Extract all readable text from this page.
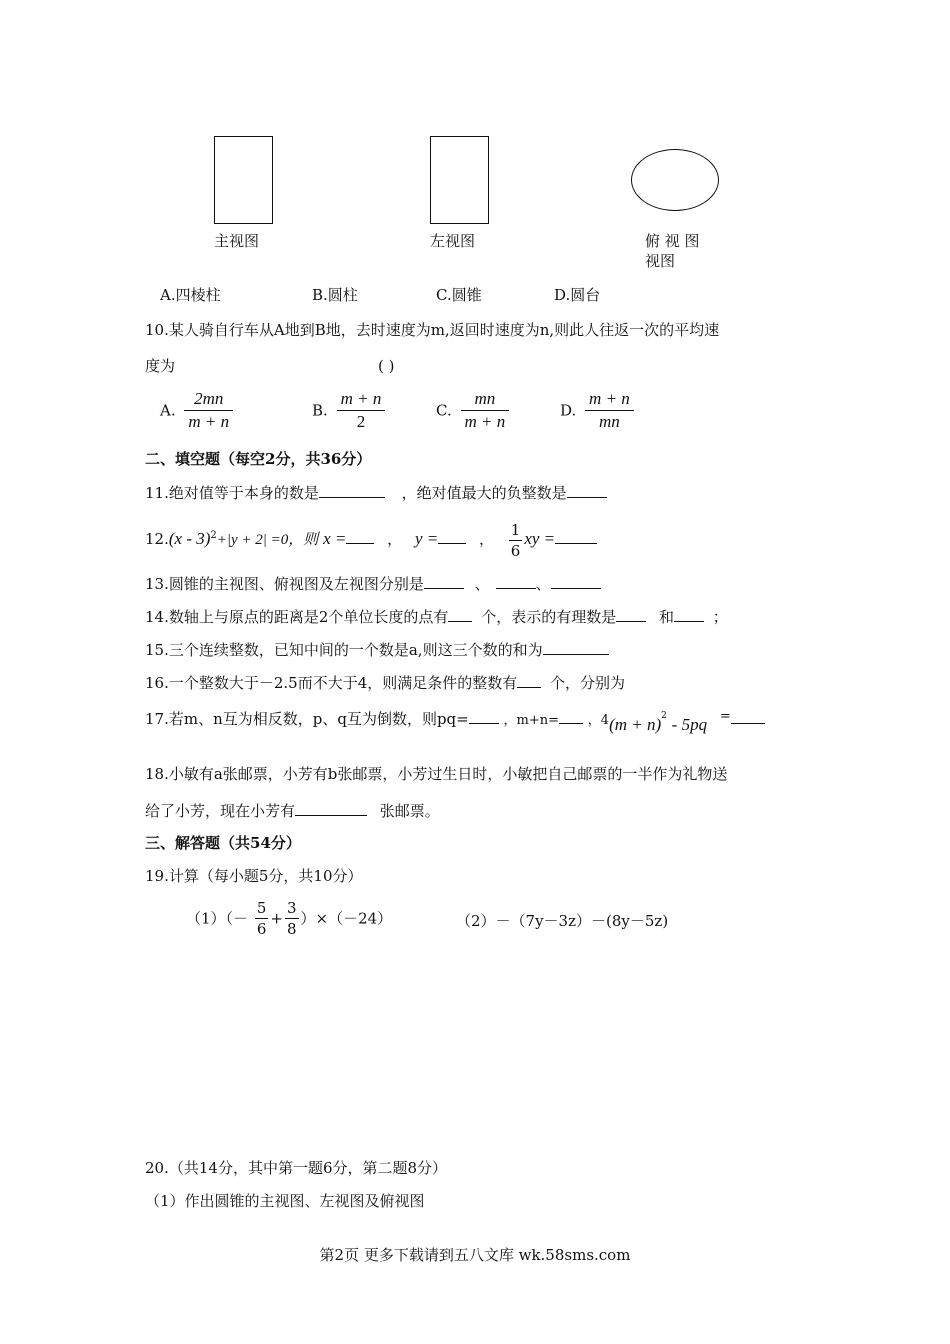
主视图	左视图	俯 视 图
视图
A.四棱柱	B.圆柱	C.圆锥	D.圆台
10.某人骑自行车从A地到B地，去时速度为m,返回时速度为n,则此人往返一次的平均速
度为	( )
A. $\frac{2mn}{m + n}$	B. $\frac{m + n}{2}$	C. $\frac{mn}{m + n}$	D. $\frac{m + n}{mn}$
二、填空题（每空2分，共36分）
11.绝对值等于本身的数是	，绝对值最大的负整数是
12.(x - 3)$^2$+|y + 2| =0，则 x =	， y =	， $\frac{1}{6}$ xy =
13.圆锥的主视图、俯视图及左视图分别是	、	、
14.数轴上与原点的距离是2个单位长度的点有 个，表示的有理数是	和	；
15.三个连续整数，已知中间的一个数是a,则这三个数的和为
16.一个整数大于－2.5而不大于4，则满足条件的整数有 个，分别为
17.若m、n互为相反数，p、q互为倒数，则pq=	，m+n= ，$4(m + n)^2 - 5pq$ =
18.小敏有a张邮票，小芳有b张邮票，小芳过生日时，小敏把自己邮票的一半作为礼物送
给了小芳，现在小芳有	张邮票。
三、解答题（共54分）
19.计算（每小题5分，共10分）
$(1)(- \frac{5}{6} + \frac{3}{8} )\times(-24)$	（2）－（7y－3z）－(8y－5z)
20.（共14分，其中第一题6分，第二题8分）
（1）作出圆锥的主视图、左视图及俯视图
第2页 更多下载请到五八文库 wk.58sms.com
